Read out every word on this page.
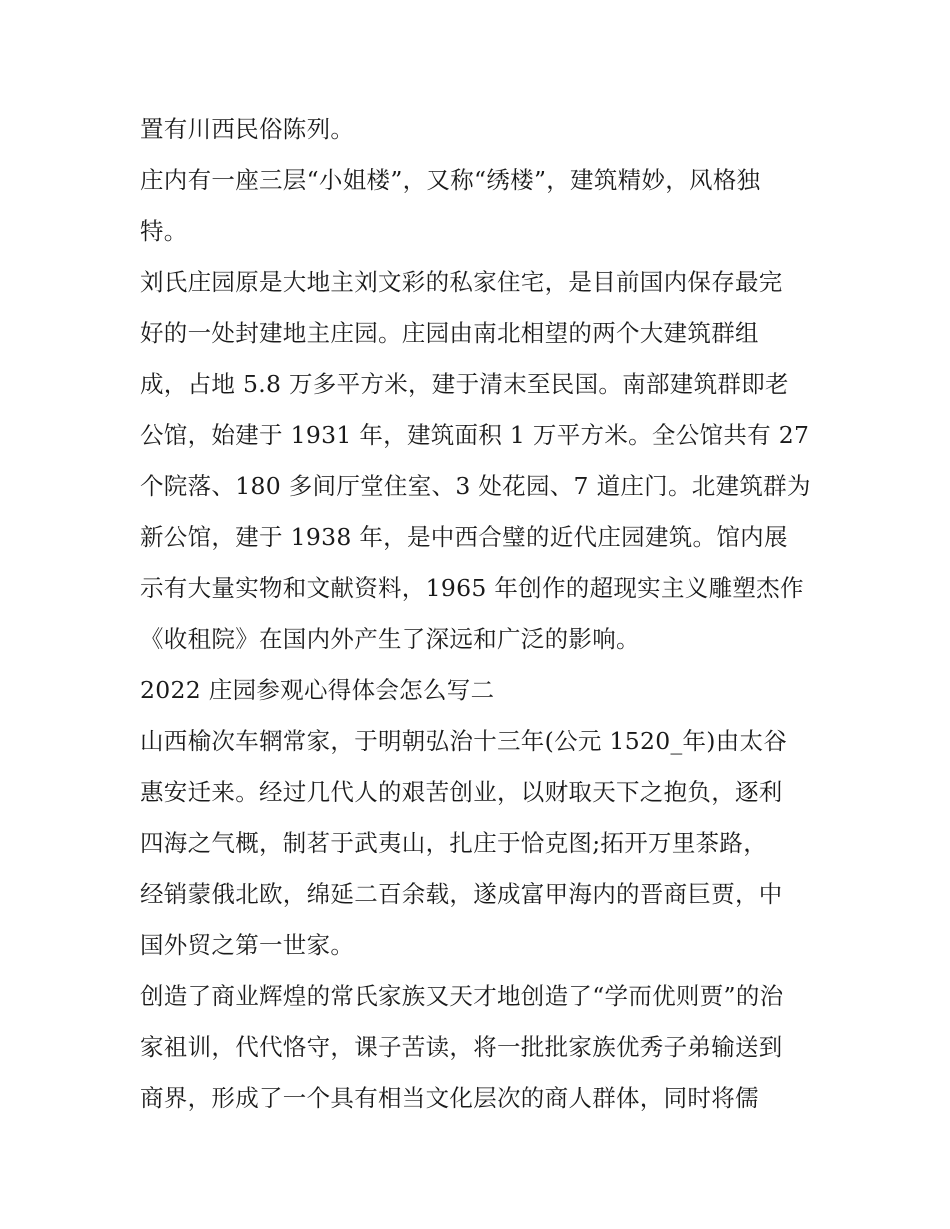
置有川西民俗陈列。
庄内有一座三层“小姐楼”，又称“绣楼”，建筑精妙，风格独
特。
刘氏庄园原是大地主刘文彩的私家住宅，是目前国内保存最完
好的一处封建地主庄园。庄园由南北相望的两个大建筑群组
成，占地 5.8 万多平方米，建于清末至民国。南部建筑群即老
公馆，始建于 1931 年，建筑面积 1 万平方米。全公馆共有 27
个院落、180 多间厅堂住室、3 处花园、7 道庄门。北建筑群为
新公馆，建于 1938 年，是中西合璧的近代庄园建筑。馆内展
示有大量实物和文献资料，1965 年创作的超现实主义雕塑杰作
《收租院》在国内外产生了深远和广泛的影响。
2022 庄园参观心得体会怎么写二
山西榆次车辋常家，于明朝弘治十三年(公元 1520_年)由太谷
惠安迁来。经过几代人的艰苦创业，以财取天下之抱负，逐利
四海之气概，制茗于武夷山，扎庄于恰克图;拓开万里茶路，
经销蒙俄北欧，绵延二百余载，遂成富甲海内的晋商巨贾，中
国外贸之第一世家。
创造了商业辉煌的常氏家族又天才地创造了“学而优则贾”的治
家祖训，代代恪守，课子苦读，将一批批家族优秀子弟输送到
商界，形成了一个具有相当文化层次的商人群体，同时将儒
